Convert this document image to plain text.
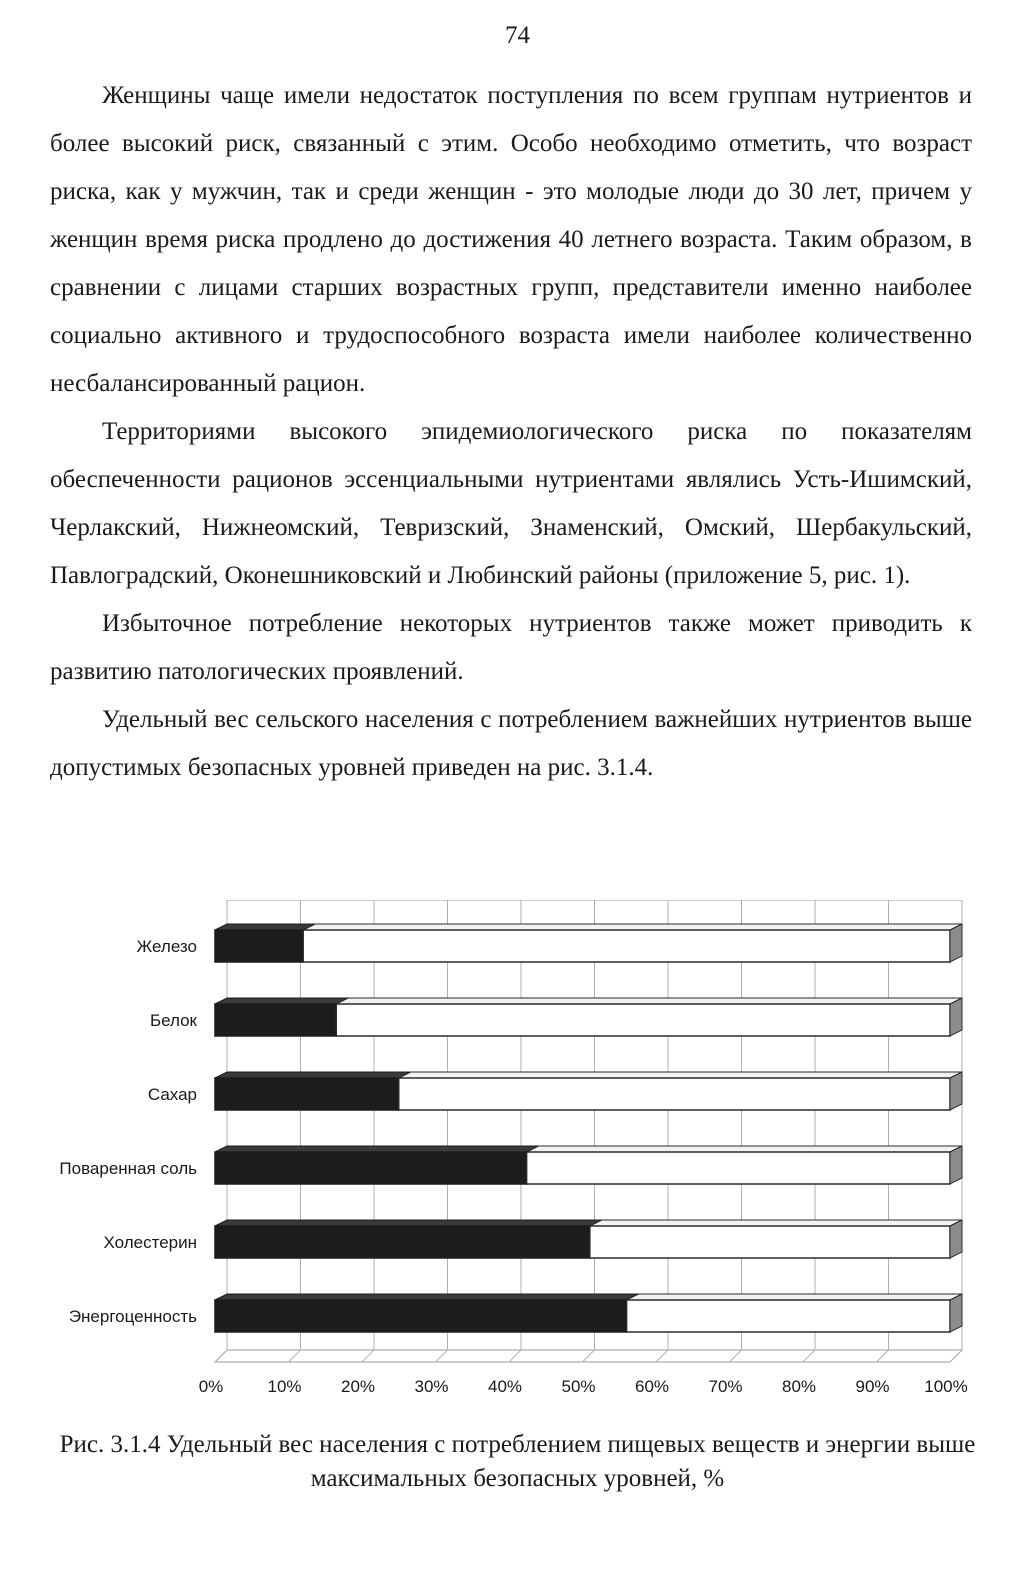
74

Женщины чаще имели недостаток поступления по всем группам нутриентов и более высокий риск, связанный с этим. Особо необходимо отметить, что возраст риска, как у мужчин, так и среди женщин - это молодые люди до 30 лет, причем у женщин время риска продлено до достижения 40 летнего возраста. Таким образом, в сравнении с лицами старших возрастных групп, представители именно наиболее социально активного и трудоспособного возраста имели наиболее количественно несбалансированный рацион.

Территориями высокого эпидемиологического риска по показателям обеспеченности рационов эссенциальными нутриентами являлись Усть-Ишимский, Черлакский, Нижнеомский, Тевризский, Знаменский, Омский, Шербакульский, Павлоградский, Оконешниковский и Любинский районы (приложение 5, рис. 1).

Избыточное потребление некоторых нутриентов также может приводить к развитию патологических проявлений.

Удельный вес сельского населения с потреблением важнейших нутриентов выше допустимых безопасных уровней приведен на рис. 3.1.4.

0%	10% 20% 30% 40% 50% 60% 70% 80% 90% 100%
Железо
Белок
Сахар
Поваренная соль
Холестерин
Энергоценность
Рис. 3.1.4 Удельный вес населения с потреблением пищевых веществ и энергии выше максимальных безопасных уровней, %
